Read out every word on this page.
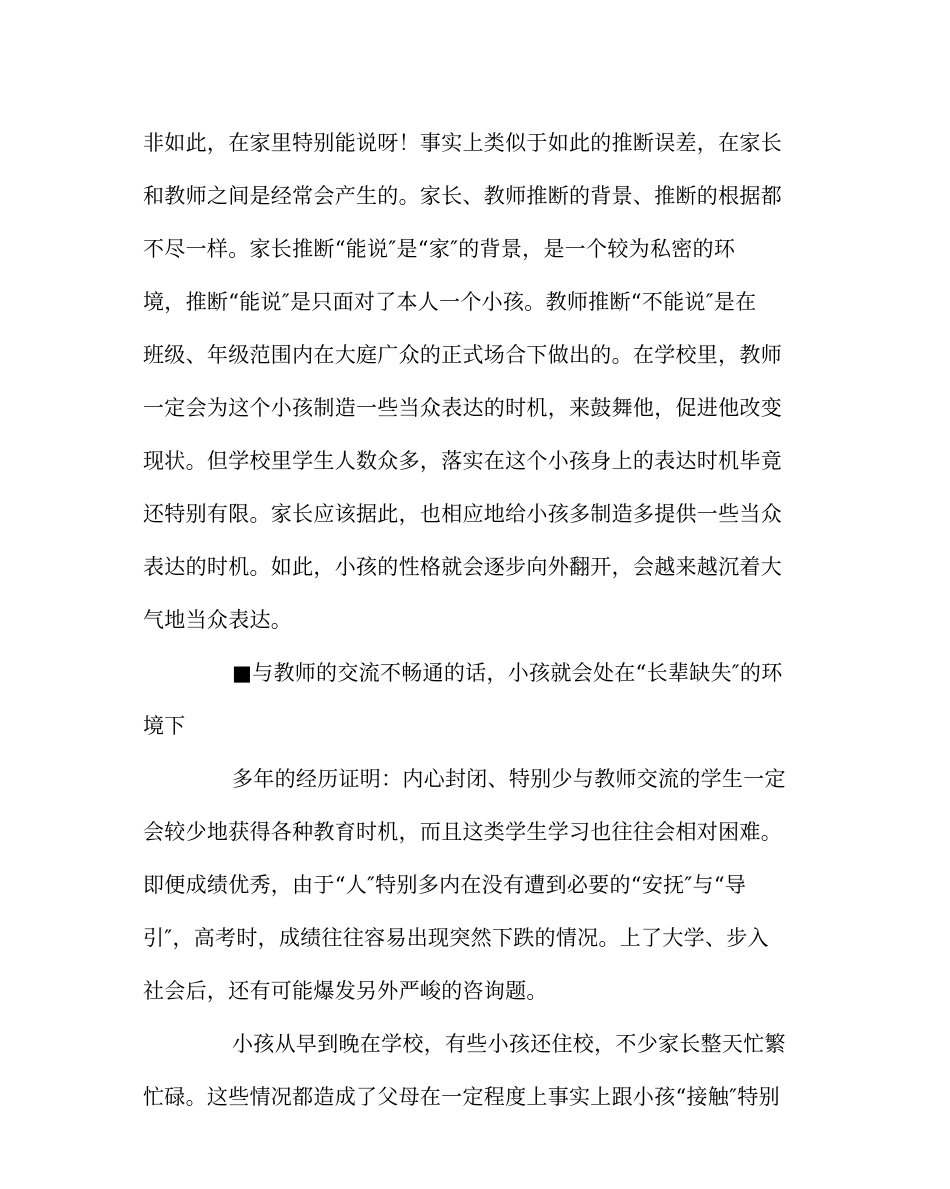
非如此，在家里特别能说呀！事实上类似于如此的推断误差，在家长
和教师之间是经常会产生的。家长、教师推断的背景、推断的根据都
不尽一样。家长推断“能说″是“家″的背景，是一个较为私密的环
境，推断“能说″是只面对了本人一个小孩。教师推断“不能说″是在
班级、年级范围内在大庭广众的正式场合下做出的。在学校里，教师
一定会为这个小孩制造一些当众表达的时机，来鼓舞他，促进他改变
现状。但学校里学生人数众多，落实在这个小孩身上的表达时机毕竟
还特别有限。家长应该据此，也相应地给小孩多制造多提供一些当众
表达的时机。如此，小孩的性格就会逐步向外翻开，会越来越沉着大
气地当众表达。
■与教师的交流不畅通的话，小孩就会处在“长辈缺失″的环
境下
多年的经历证明：内心封闭、特别少与教师交流的学生一定
会较少地获得各种教育时机，而且这类学生学习也往往会相对困难。
即便成绩优秀，由于“人″特别多内在没有遭到必要的“安抚″与“导
引″，高考时，成绩往往容易出现突然下跌的情况。上了大学、步入
社会后，还有可能爆发另外严峻的咨询题。
小孩从早到晚在学校，有些小孩还住校，不少家长整天忙繁
忙碌。这些情况都造成了父母在一定程度上事实上跟小孩“接触″特别
